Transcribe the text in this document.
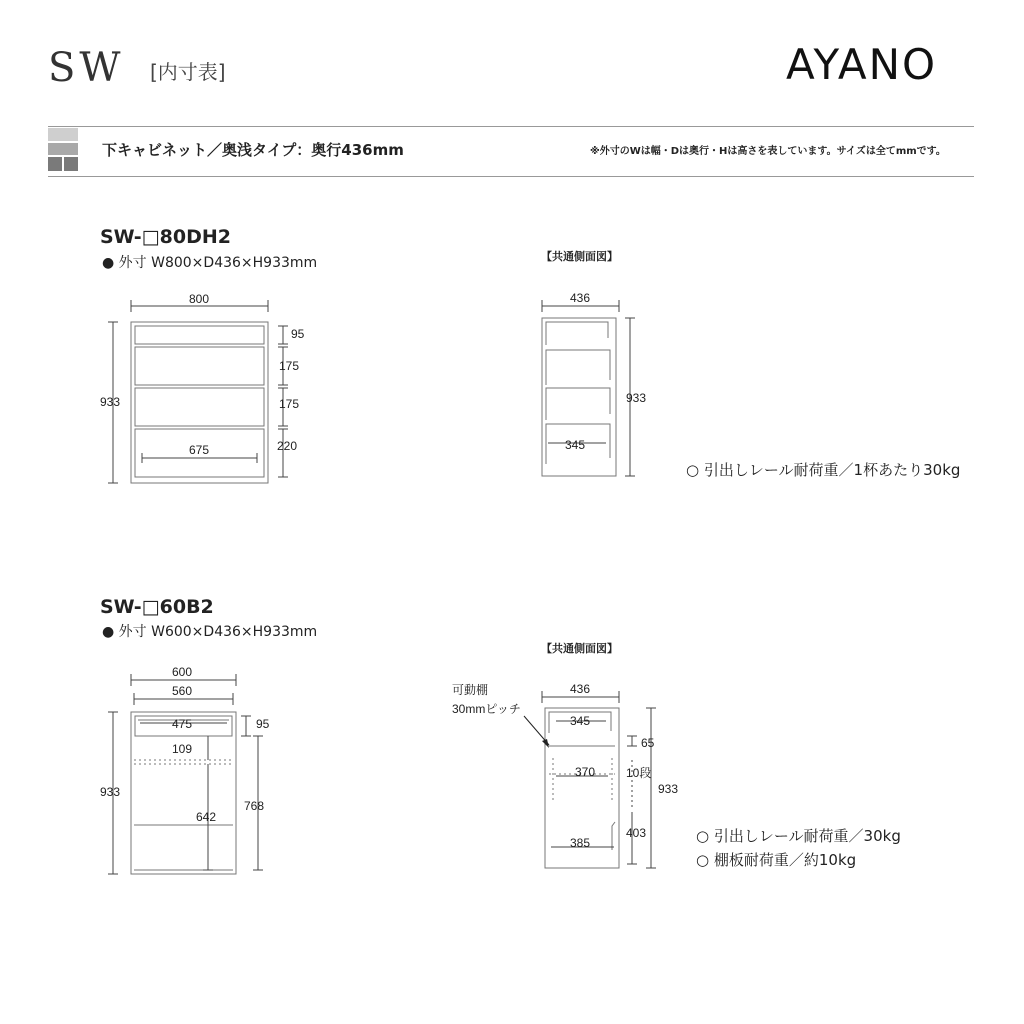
SW [内寸表]	AYANO
下キャビネット／奥浅タイプ：奥行436mm	※外寸のWは幅・Dは奥行・Hは高さを表しています。サイズは全てmmです。
SW-□80DH2
● 外寸 W800×D436×H933mm	【共通側面図】
800
933
675
95
175
175
220
436
933
345
○ 引出しレール耐荷重／1杯あたり30kg
SW-□60B2
● 外寸 W600×D436×H933mm
【共通側面図】
600
560
933
475
109
642
95
768
436
933
345
65
370	10段
403
385
可動棚
30mmピッチ
○ 引出しレール耐荷重／30kg
○ 棚板耐荷重／約10kg
